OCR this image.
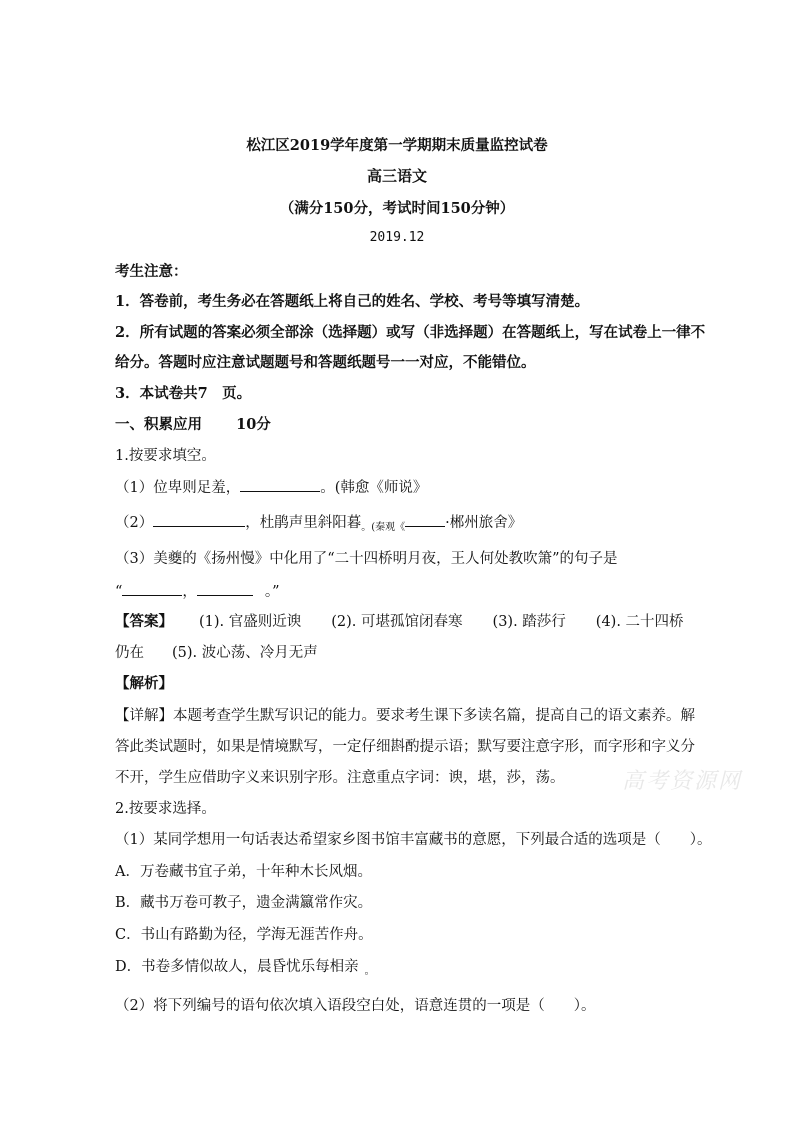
松江区2019学年度第一学期期末质量监控试卷
高三语文
（满分150分，考试时间150分钟）
2019.12
考生注意：
1．答卷前，考生务必在答题纸上将自己的姓名、学校、考号等填写清楚。
2．所有试题的答案必须全部涂（选择题）或写（非选择题）在答题纸上，写在试卷上一律不
给分。答题时应注意试题题号和答题纸题号一一对应，不能错位。
3．本试卷共7　页。
一、积累应用 10分
1.按要求填空。
（1）位卑则足羞，	。(韩愈《师说》
（2）	，杜鹃声里斜阳暮$_{。(秦观《}$	·郴州旅舍》
（3）美夔的《扬州慢》中化用了“二十四桥明月夜，王人何处教吹箫”的句子是
“	，	。”
【答案】 (1). 官盛则近谀 (2). 可堪孤馆闭春寒 (3). 踏莎行 (4). 二十四桥
仍在 (5). 波心荡、冷月无声
【解析】
【详解】本题考查学生默写识记的能力。要求考生课下多读名篇，提高自己的语文素养。解
答此类试题时，如果是情境默写，一定仔细斟酌提示语；默写要注意字形，而字形和字义分
不开，学生应借助字义来识别字形。注意重点字词：谀，堪，莎，荡。	高考资源网
2.按要求选择。
（1）某同学想用一句话表达希望家乡图书馆丰富藏书的意愿，下列最合适的选项是（　　）。
A．万卷藏书宜子弟，十年种木长风烟。
B．藏书万卷可教子，遗金满籝常作灾。
C．书山有路勤为径，学海无涯苦作舟。
D．书卷多情似故人，晨昏忧乐每相亲 $_。$
（2）将下列编号的语句依次填入语段空白处，语意连贯的一项是（　　）。
